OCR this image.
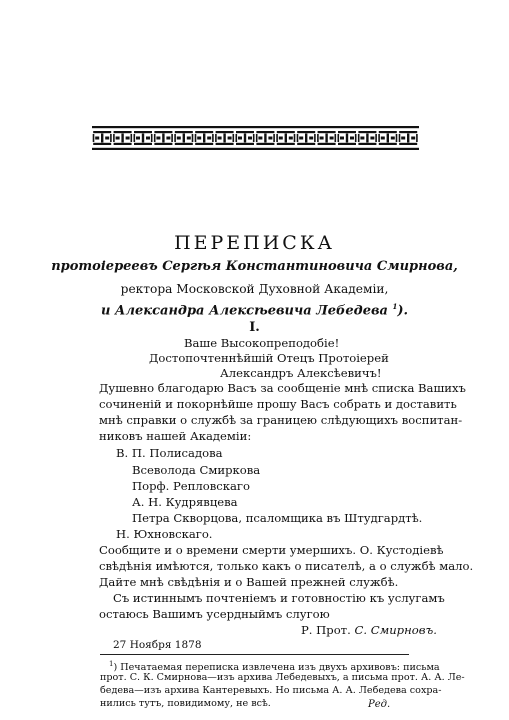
ПЕРЕПИСКА
протоіереевъ Сергѣя Константиновича Смирнова,
ректора Московской Духовной Академіи,
и Александра Алексѣевича Лебедева $^1$).
I.
Ваше Высокопреподобіе!
Достопочтеннѣйшій Отецъ Протоіерей
Александръ Алексѣевичъ!
Душевно благодарю Васъ за сообщеніе мнѣ списка Вашихъ
сочиненій и покорнѣйше прошу Васъ собрать и доставить
мнѣ справки о службѣ за границею слѣдующихъ воспитан-
никовъ нашей Академіи:
В. П. Полисадова
Всеволода Смиркова
Порф. Репловскаго
А. Н. Кудрявцева
Петра Скворцова, псаломщика въ Штудгардтѣ.
Н. Юхновскаго.
Сообщите и о времени смерти умершихъ. О. Кустодіевѣ
свѣдѣнія имѣются, только какъ о писателѣ, а о службѣ мало.
Дайте мнѣ свѣдѣнія и о Вашей прежней службѣ.
Съ истиннымъ почтеніемъ и готовностію къ услугамъ
остаюсь Вашимъ усердныймъ слугою
Р. Прот. С. Смирновъ.
27 Ноября 1878
$^1$) Печатаемая переписка извлечена изъ двухъ архивовъ: письма
прот. С. К. Смирнова—изъ архива Лебедевыхъ, а письма прот. А. А. Ле-
бедева—изъ архива Кантеревыхъ. Но письма А. А. Лебедева сохра-
нились тутъ, повидимому, не всѣ.	Ред.
